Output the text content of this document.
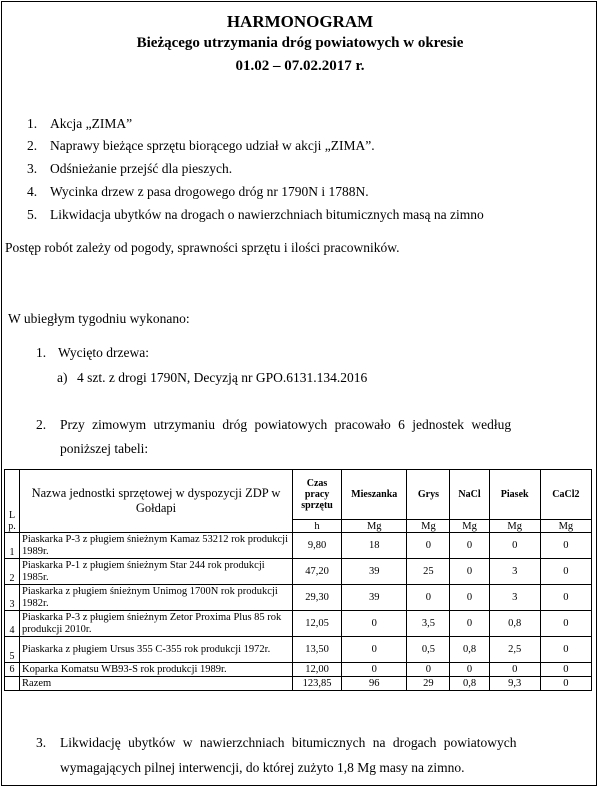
HARMONOGRAM
Bieżącego utrzymania dróg powiatowych w okresie
01.02 – 07.02.2017 r.
1. Akcja „ZIMA”
2. Naprawy bieżące sprzętu biorącego udział w akcji „ZIMA”.
3. Odśnieżanie przejść dla pieszych.
4. Wycinka drzew z pasa drogowego dróg nr 1790N i 1788N.
5. Likwidacja ubytków na drogach o nawierzchniach bitumicznych masą na zimno
Postęp robót zależy od pogody, sprawności sprzętu i ilości pracowników.
W ubiegłym tygodniu wykonano:
1. Wycięto drzewa:
a) 4 szt. z drogi 1790N, Decyzją nr GPO.6131.134.2016
2. Przy zimowym utrzymaniu dróg powiatowych pracowało 6 jednostek według
poniższej tabeli:
L p.	Nazwa jednostki sprzętowej w dyspozycji ZDP w Gołdapi	Czas pracy sprzętu	Mieszanka	Grys	NaCl	Piasek	CaCl2
		h	Mg	Mg	Mg	Mg	Mg
1	Piaskarka P-3 z pługiem śnieżnym Kamaz 53212 rok produkcji 1989r.	9,80	18	0	0	0	0
2	Piaskarka P-1 z pługiem śnieżnym Star 244 rok produkcji 1985r.	47,20	39	25	0	3	0
3	Piaskarka z pługiem śnieżnym Unimog 1700N rok produkcji 1982r.	29,30	39	0	0	3	0
4	Piaskarka P-3 z pługiem śnieżnym Zetor Proxima Plus 85 rok produkcji 2010r.	12,05	0	3,5	0	0,8	0
5	Piaskarka z pługiem Ursus 355 C-355 rok produkcji 1972r.	13,50	0	0,5	0,8	2,5	0
6	Koparka Komatsu WB93-S rok produkcji 1989r.	12,00	0	0	0	0	0
	Razem	123,85	96	29	0,8	9,3	0
3. Likwidację ubytków w nawierzchniach bitumicznych na drogach powiatowych
wymagających pilnej interwencji, do której zużyto 1,8 Mg masy na zimno.
